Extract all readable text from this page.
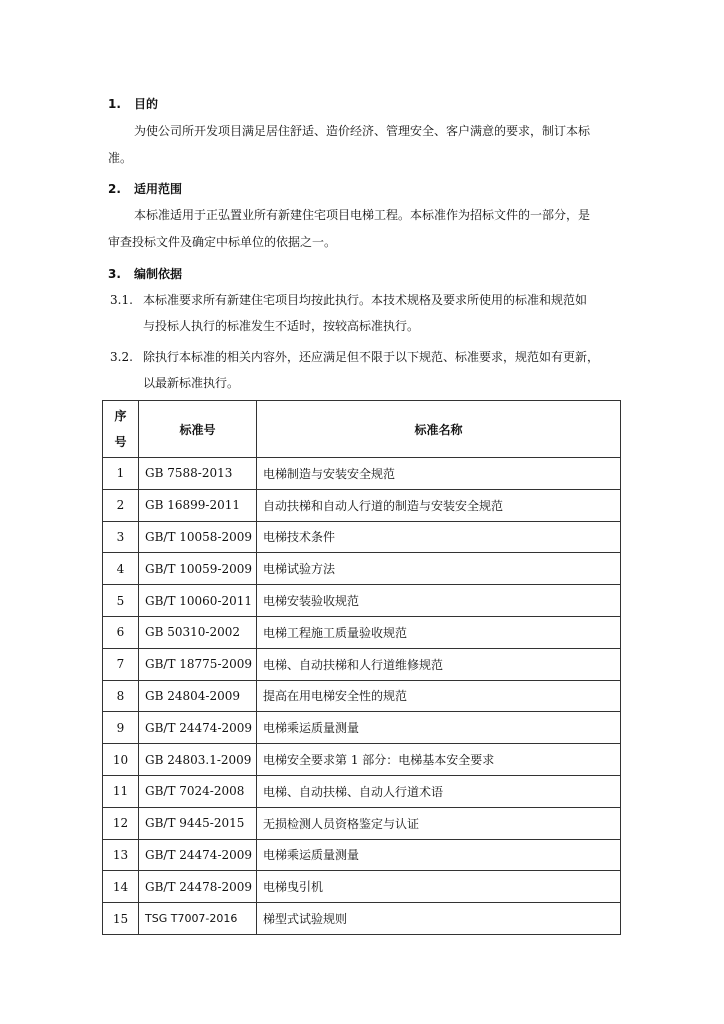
1. 目的
为使公司所开发项目满足居住舒适、造价经济、管理安全、客户满意的要求，制订本标
准。
2. 适用范围
本标准适用于正弘置业所有新建住宅项目电梯工程。本标准作为招标文件的一部分，是
审查投标文件及确定中标单位的依据之一。
3. 编制依据
3.1. 本标准要求所有新建住宅项目均按此执行。本技术规格及要求所使用的标准和规范如
与投标人执行的标准发生不适时，按较高标准执行。
3.2. 除执行本标准的相关内容外，还应满足但不限于以下规范、标准要求，规范如有更新，
以最新标准执行。
序
号	标准号	标准名称
1	GB 7588-2013	电梯制造与安装安全规范
2	GB 16899-2011	自动扶梯和自动人行道的制造与安装安全规范
3	GB/T 10058-2009	电梯技术条件
4	GB/T 10059-2009	电梯试验方法
5	GB/T 10060-2011	电梯安装验收规范
6	GB 50310-2002	电梯工程施工质量验收规范
7	GB/T 18775-2009	电梯、自动扶梯和人行道维修规范
8	GB 24804-2009	提高在用电梯安全性的规范
9	GB/T 24474-2009	电梯乘运质量测量
10	GB 24803.1-2009	电梯安全要求第 1 部分：电梯基本安全要求
11	GB/T 7024-2008	电梯、自动扶梯、自动人行道术语
12	GB/T 9445-2015	无损检测人员资格鉴定与认证
13	GB/T 24474-2009	电梯乘运质量测量
14	GB/T 24478-2009	电梯曳引机
15	TSG T7007-2016	梯型式试验规则
